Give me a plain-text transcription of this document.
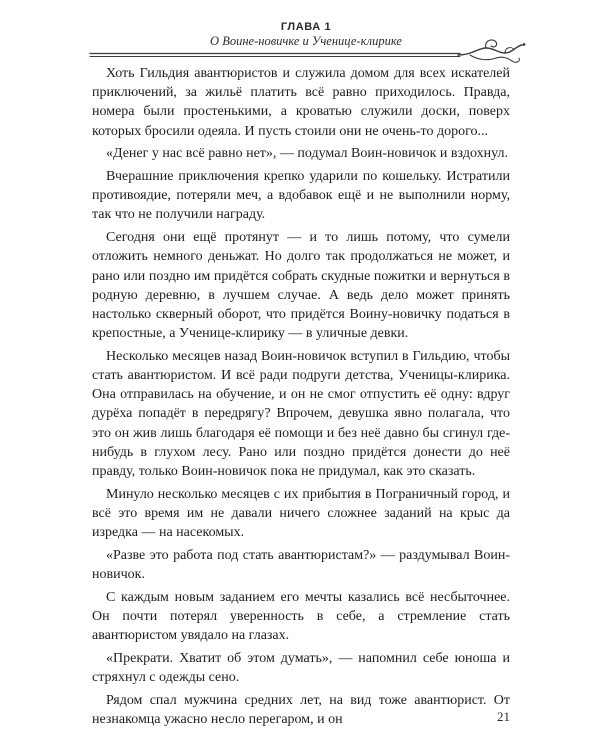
ГЛАВА 1
О Воине-новичке и Ученице-клирике

Хоть Гильдия авантюристов и служила домом для всех искателей приключений, за жильё платить всё равно приходилось. Правда, номера были простенькими, а кроватью служили доски, поверх которых бросили одеяла. И пусть стоили они не очень-то дорого...

«Денег у нас всё равно нет», — подумал Воин-новичок и вздохнул.

Вчерашние приключения крепко ударили по кошельку. Истратили противоядие, потеряли меч, а вдобавок ещё и не выполнили норму, так что не получили награду.

Сегодня они ещё протянут — и то лишь потому, что сумели отложить немного деньжат. Но долго так продолжаться не может, и рано или поздно им придётся собрать скудные пожитки и вернуться в родную деревню, в лучшем случае. А ведь дело может принять настолько скверный оборот, что придётся Воину-новичку податься в крепостные, а Ученице-клирику — в уличные девки.

Несколько месяцев назад Воин-новичок вступил в Гильдию, чтобы стать авантюристом. И всё ради подруги детства, Ученицы-клирика. Она отправилась на обучение, и он не смог отпустить её одну: вдруг дурёха попадёт в передрягу? Впрочем, девушка явно полагала, что это он жив лишь благодаря её помощи и без неё давно бы сгинул где-нибудь в глухом лесу. Рано или поздно придётся донести до неё правду, только Воин-новичок пока не придумал, как это сказать.

Минуло несколько месяцев с их прибытия в Пограничный город, и всё это время им не давали ничего сложнее заданий на крыс да изредка — на насекомых.

«Разве это работа под стать авантюристам?» — раздумывал Воин-новичок.

С каждым новым заданием его мечты казались всё несбыточнее. Он почти потерял уверенность в себе, а стремление стать авантюристом увядало на глазах.

«Прекрати. Хватит об этом думать», — напомнил себе юноша и стряхнул с одежды сено.

Рядом спал мужчина средних лет, на вид тоже авантюрист. От незнакомца ужасно несло перегаром, и он	21
